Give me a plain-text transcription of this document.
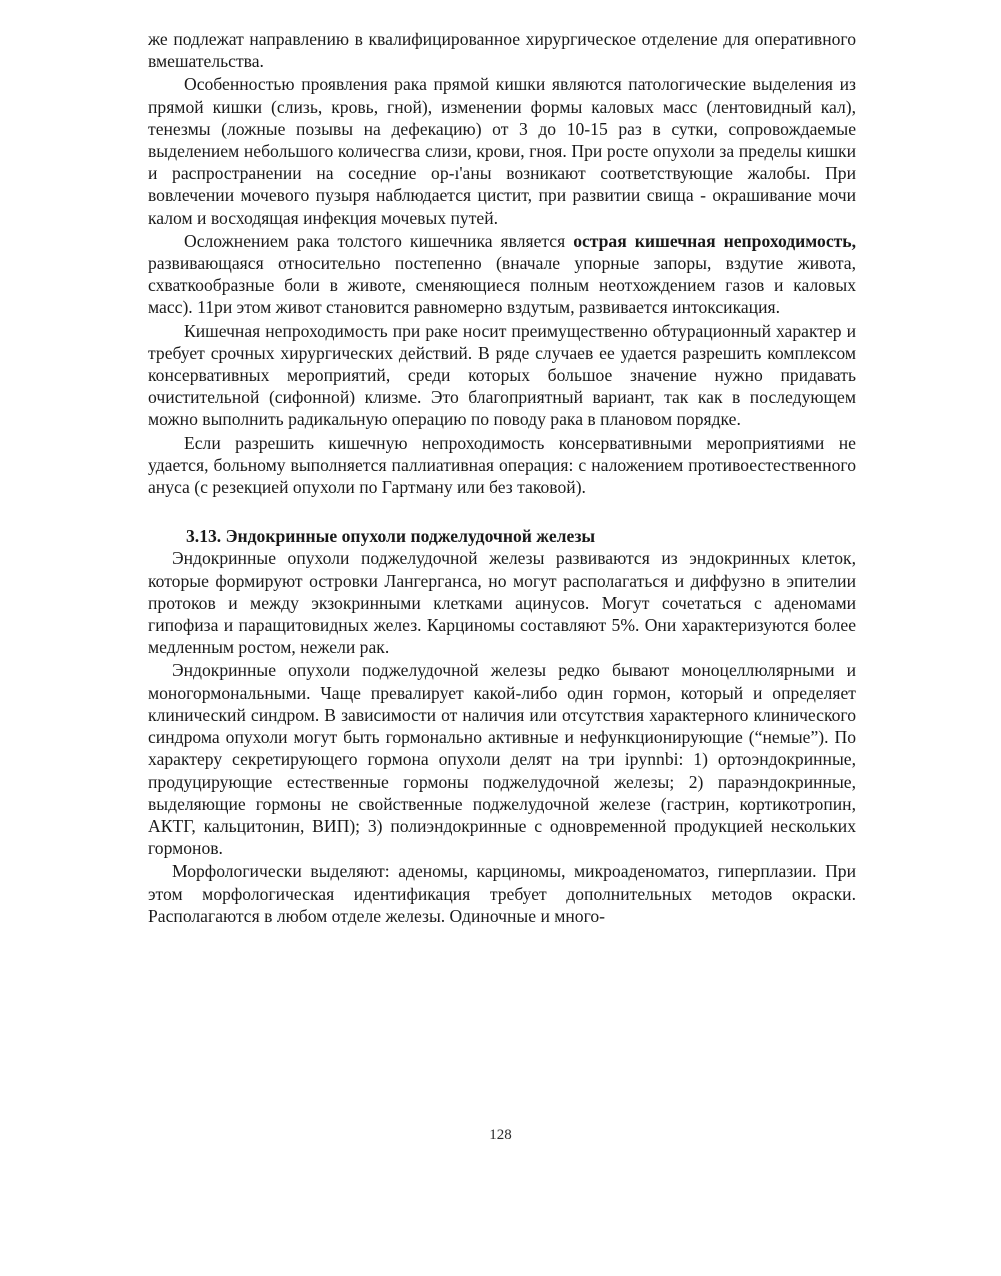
же подлежат направлению в квалифицированное хирургическое отделение для оперативного вмешательства.

Особенностью проявления рака прямой кишки являются патологические выделения из прямой кишки (слизь, кровь, гной), изменении формы каловых масс (лентовидный кал), тенезмы (ложные позывы на дефекацию) от 3 до 10-15 раз в сутки, сопровождаемые выделением небольшого количесгва слизи, крови, гноя. При росте опухоли за пределы кишки и распространении на соседние ор-ı'аны возникают соответствующие жалобы. При вовлечении мочевого пузыря наблюдается цистит, при развитии свища - окрашивание мочи калом и восходящая инфекция мочевых путей.

Осложнением рака толстого кишечника является острая кишечная непроходимость, развивающаяся относительно постепенно (вначале упорные запоры, вздутие живота, схваткообразные боли в животе, сменяющиеся полным неотхождением газов и каловых масс). 11ри этом живот становится равномерно вздутым, развивается интоксикация.

Кишечная непроходимость при раке носит преимущественно обтурационный характер и требует срочных хирургических действий. В ряде случаев ее удается разрешить комплексом консервативных мероприятий, среди которых большое значение нужно придавать очистительной (сифонной) клизме. Это благоприятный вариант, так как в последующем можно выполнить радикальную операцию по поводу рака в плановом порядке.

Если разрешить кишечную непроходимость консервативными мероприятиями не удается, больному выполняется паллиативная операция: с наложением противоестественного ануса (с резекцией опухоли по Гартману или без таковой).

3.13. Эндокринные опухоли поджелудочной железы

Эндокринные опухоли поджелудочной железы развиваются из эндокринных клеток, которые формируют островки Лангерганса, но могут располагаться и диффузно в эпителии протоков и между экзокринными клетками ацинусов. Могут сочетаться с аденомами гипофиза и паращитовидных желез. Карциномы составляют 5%. Они характеризуются более медленным ростом, нежели рак.

Эндокринные опухоли поджелудочной железы редко бывают моноцеллюлярными и моногормональными. Чаще превалирует какой-либо один гормон, который и определяет клинический синдром. В зависимости от наличия или отсутствия характерного клинического синдрома опухоли могут быть гормонально активные и нефункционирующие (“немые”). По характеру секретирующего гормона опухоли делят на три ipynnbi: 1) ортоэндокринные, продуцирующие естественные гормоны поджелудочной железы; 2) параэндокринные, выделяющие гормоны не свойственные поджелудочной железе (гастрин, кортикотропин, АКТГ, кальцитонин, ВИП); 3) полиэндокринные с одновременной продукцией нескольких гормонов.

Морфологически выделяют: аденомы, карциномы, микроаденоматоз, гиперплазии. При этом морфологическая идентификация требует дополнительных методов окраски. Располагаются в любом отделе железы. Одиночные и много-

128
